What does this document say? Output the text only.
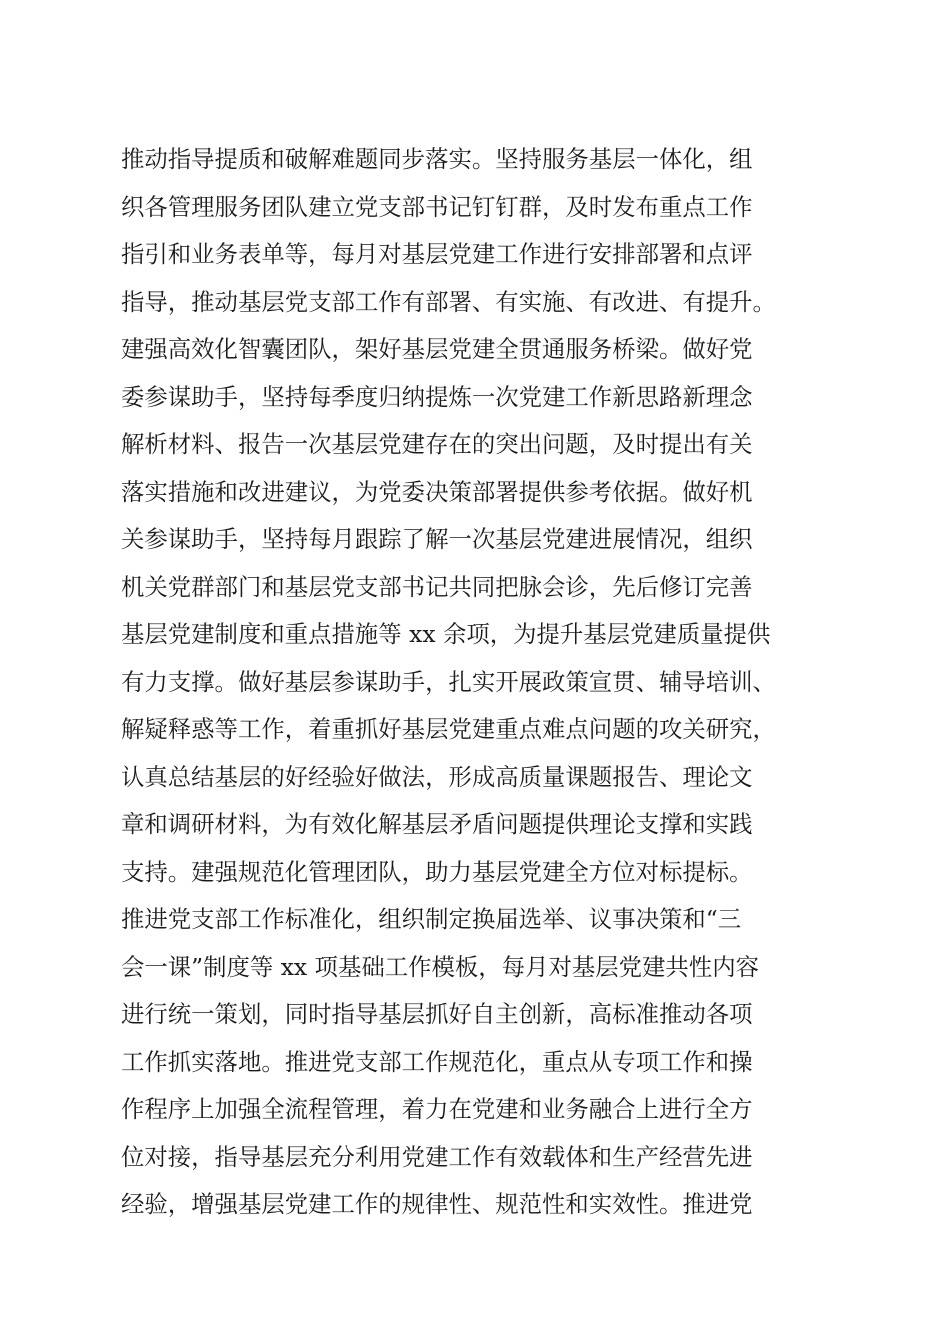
推动指导提质和破解难题同步落实。坚持服务基层一体化，组
织各管理服务团队建立党支部书记钉钉群，及时发布重点工作
指引和业务表单等，每月对基层党建工作进行安排部署和点评
指导，推动基层党支部工作有部署、有实施、有改进、有提升。
建强高效化智囊团队，架好基层党建全贯通服务桥梁。做好党
委参谋助手，坚持每季度归纳提炼一次党建工作新思路新理念
解析材料、报告一次基层党建存在的突出问题，及时提出有关
落实措施和改进建议，为党委决策部署提供参考依据。做好机
关参谋助手，坚持每月跟踪了解一次基层党建进展情况，组织
机关党群部门和基层党支部书记共同把脉会诊，先后修订完善
基层党建制度和重点措施等 xx 余项，为提升基层党建质量提供
有力支撑。做好基层参谋助手，扎实开展政策宣贯、辅导培训、
解疑释惑等工作，着重抓好基层党建重点难点问题的攻关研究，
认真总结基层的好经验好做法，形成高质量课题报告、理论文
章和调研材料，为有效化解基层矛盾问题提供理论支撑和实践
支持。建强规范化管理团队，助力基层党建全方位对标提标。
推进党支部工作标准化，组织制定换届选举、议事决策和“三
会一课”制度等 xx 项基础工作模板，每月对基层党建共性内容
进行统一策划，同时指导基层抓好自主创新，高标准推动各项
工作抓实落地。推进党支部工作规范化，重点从专项工作和操
作程序上加强全流程管理，着力在党建和业务融合上进行全方
位对接，指导基层充分利用党建工作有效载体和生产经营先进
经验，增强基层党建工作的规律性、规范性和实效性。推进党
